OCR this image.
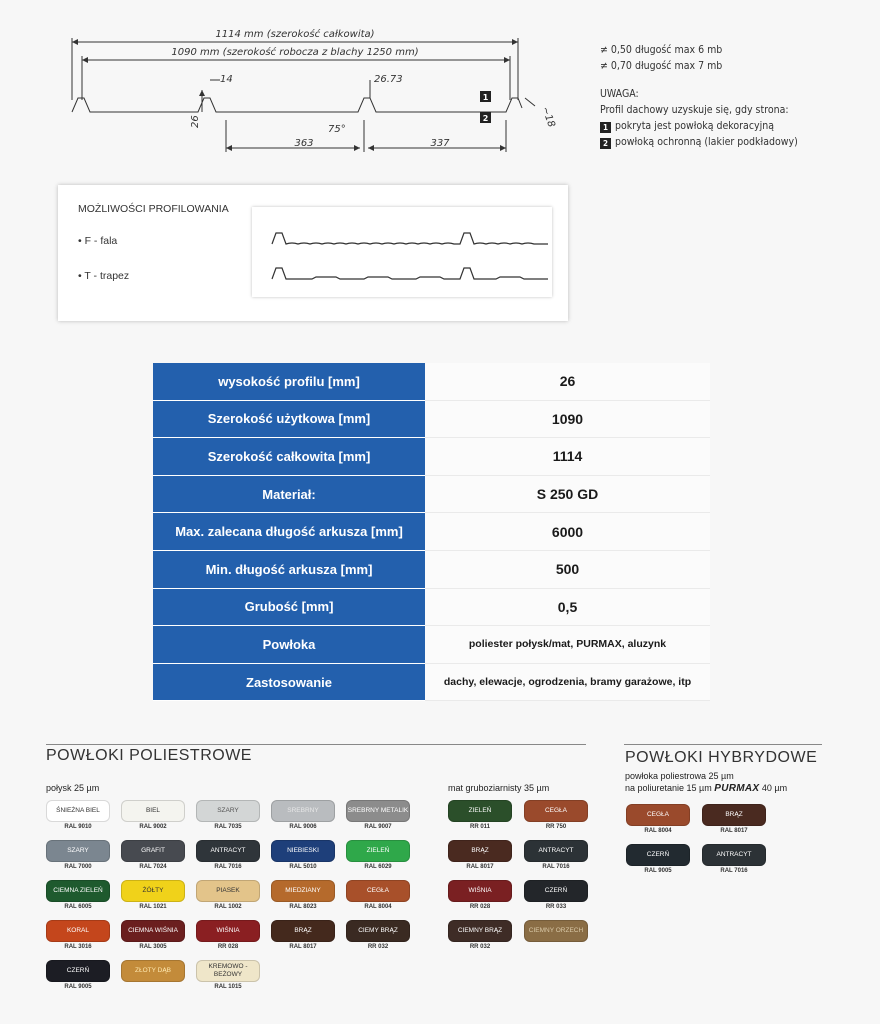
1114 mm (szerokość całkowita)
1090 mm (szerokość robocza z blachy 1250 mm)
14	26.73
26
75°
363	337
~18
1
2
≠ 0,50 długość max 6 mb
≠ 0,70 długość max 7 mb
UWAGA:
Profil dachowy uzyskuje się, gdy strona:
1 pokryta jest powłoką dekoracyjną
2 powłoką ochronną (lakier podkładowy)
MOŻLIWOŚCI PROFILOWANIA
• F - fala
• T - trapez
wysokość profilu [mm]	26
Szerokość użytkowa [mm]	1090
Szerokość całkowita [mm]	1114
Materiał:	S 250 GD
Max. zalecana długość arkusza [mm]	6000
Min. długość arkusza [mm]	500
Grubość [mm]	0,5
Powłoka	poliester połysk/mat, PURMAX, aluzynk
Zastosowanie	dachy, elewacje, ogrodzenia, bramy garażowe, itp
POWŁOKI POLIESTROWE
połysk 25 µm	mat gruboziarnisty 35 µm
ŚNIEŻNA BIEL
RAL 9010
BIEL
RAL 9002
SZARY
RAL 7035
SREBRNY
RAL 9006
SREBRNY METALIK
RAL 9007
SZARY
RAL 7000
GRAFIT
RAL 7024
ANTRACYT
RAL 7016
NIEBIESKI
RAL 5010
ZIELEŃ
RAL 6029
CIEMNA ZIELEŃ
RAL 6005
ŻÓŁTY
RAL 1021
PIASEK
RAL 1002
MIEDZIANY
RAL 8023
CEGŁA
RAL 8004
KORAL
RAL 3016
CIEMNA WIŚNIA
RAL 3005
WIŚNIA
RR 028
BRĄZ
RAL 8017
CIEMY BRĄZ
RR 032
CZERŃ
RAL 9005
ZŁOTY DĄB
KREMOWO -BEŻOWY
RAL 1015
ZIELEŃ
RR 011
CEGŁA
RR 750
BRĄZ
RAL 8017
ANTRACYT
RAL 7016
WIŚNIA
RR 028
CZERŃ
RR 033
CIEMNY BRĄZ
RR 032
CIEMNY ORZECH
POWŁOKI HYBRYDOWE
powłoka poliestrowa 25 µm
na poliuretanie 15 µm PURMAX 40 µm
CEGŁA
RAL 8004
BRĄZ
RAL 8017
CZERŃ
RAL 9005
ANTRACYT
RAL 7016
